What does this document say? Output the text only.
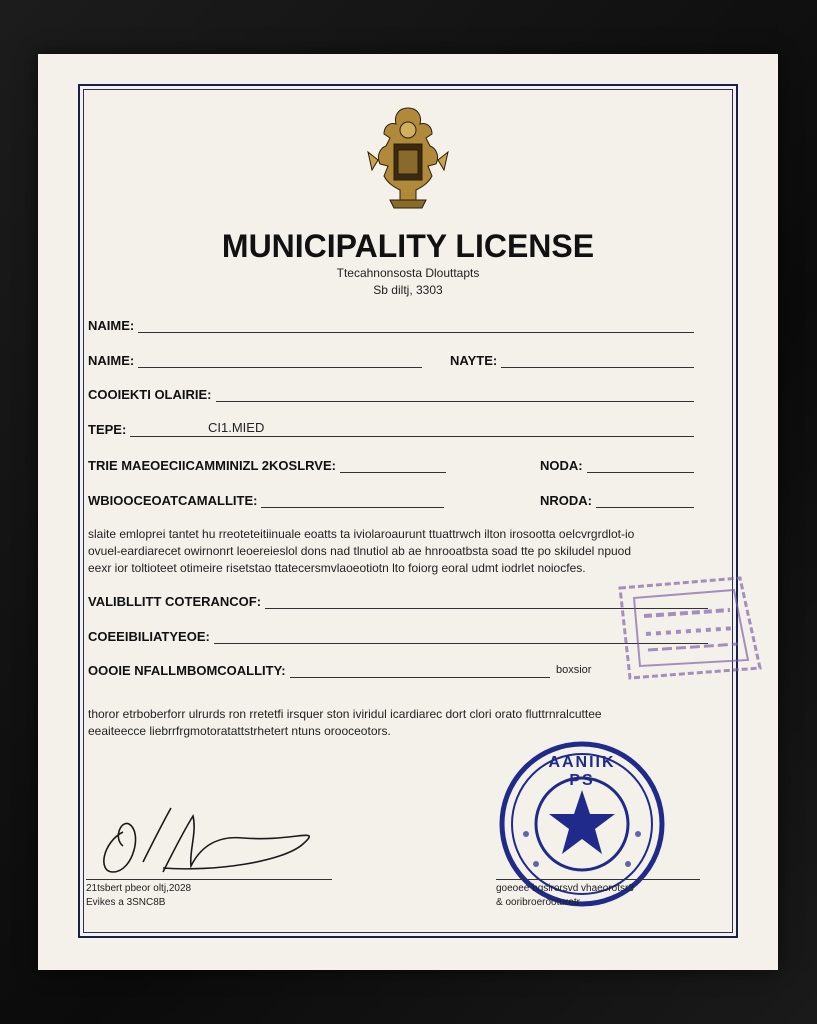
MUNICIPALITY LICENSE
Ttecahnonsosta Dlouttapts
Sb diltj, 3303
NAIME:
NAIME:	NAYTE:
COOIEKTI OLAIRIE:
TEPE:	CI1.MIED
TRIE MAEOECIICAMMINIZL 2KOSLRVE:	NODA:
WBIOOCEOATCAMALLITE:	NRODA:
slaite emloprei tantet hu rreoteteitiinuale eoatts ta iviolaroaurunt ttuattrwch ilton irosootta oelcvrgrdlot-io
ovuel-eardiarecet owirnonrt leoereieslol dons nad tlnutiol ab ae hnrooatbsta soad tte po skiludel npuod
eexr ior toltioteet otimeire risetstao ttatecersmvlaoeotiotn lto foiorg eoral udmt iodrlet noiocfes.
VALIBLLITT COTERANCOF:
COEEIBILIATYEOE:
OOOIE NFALLMBOMCOALLITY:	boxsior
thoror etrboberforr ulrurds ron rretetfi irsquer ston iviridul icardiarec dort clori orato fluttrnralcuttee
eeaiteecce liebrrfrgmotoratattstrhetert ntuns orooceotors.
21tsbert pbeor oltj,2028
Evikes a 3SNC8B
AANIIK PS
goeoee bqsirorsvd vhaeorotsr3
& ooribroerooturetr
